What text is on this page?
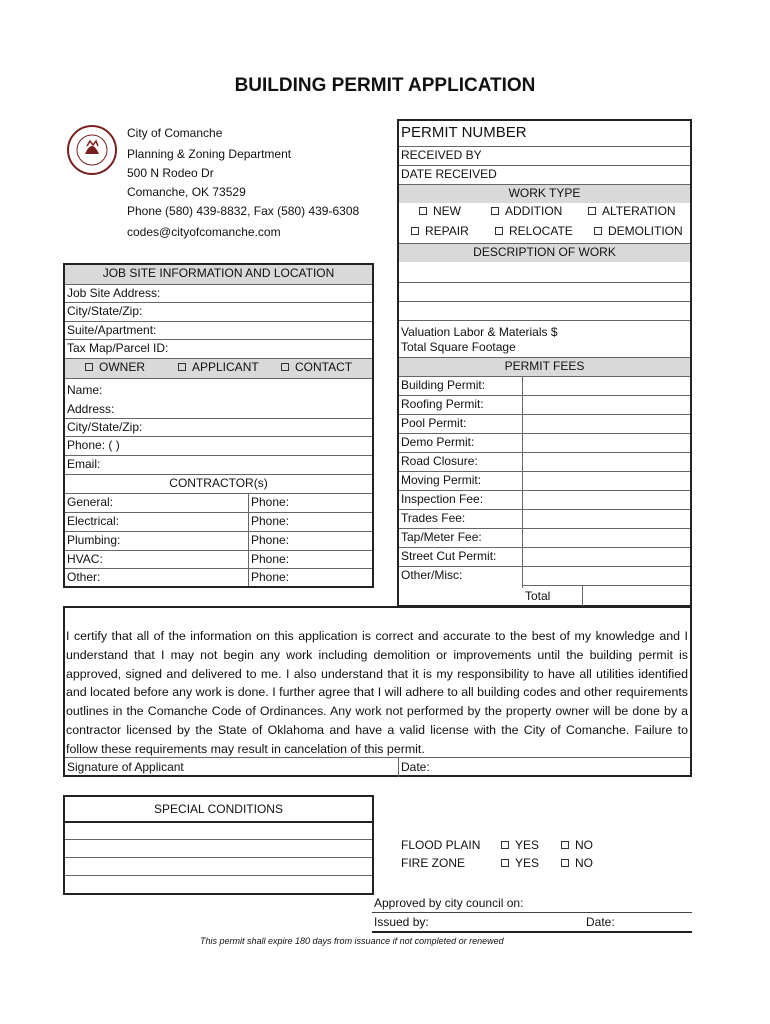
BUILDING PERMIT APPLICATION
City of Comanche
Planning & Zoning Department
500 N Rodeo Dr
Comanche, OK 73529
Phone (580) 439-8832, Fax (580) 439-6308
codes@cityofcomanche.com
PERMIT NUMBER
RECEIVED BY
DATE RECEIVED
WORK TYPE
NEW	ADDITION	ALTERATION
REPAIR	RELOCATE	DEMOLITION
DESCRIPTION OF WORK
Valuation Labor & Materials $
Total Square Footage
PERMIT FEES
Building Permit:
Roofing Permit:
Pool Permit:
Demo Permit:
Road Closure:
Moving Permit:
Inspection Fee:
Trades Fee:
Tap/Meter Fee:
Street Cut Permit:
Other/Misc:
Total
JOB SITE INFORMATION AND LOCATION
Job Site Address:
City/State/Zip:
Suite/Apartment:
Tax Map/Parcel ID:
OWNER	APPLICANT	CONTACT
Name:
Address:
City/State/Zip:
Phone: ( )
Email:
CONTRACTOR(s)
General:	Phone:
Electrical:	Phone:
Plumbing:	Phone:
HVAC:	Phone:
Other:	Phone:
I certify that all of the information on this application is correct and accurate to the best of my knowledge and I understand that I may not begin any work including demolition or improvements until the building permit is approved, signed and delivered to me. I also understand that it is my responsibility to have all utilities identified and located before any work is done. I further agree that I will adhere to all building codes and other requirements outlines in the Comanche Code of Ordinances. Any work not performed by the property owner will be done by a contractor licensed by the State of Oklahoma and have a valid license with the City of Comanche. Failure to follow these requirements may result in cancelation of this permit.
Signature of Applicant	Date:
SPECIAL CONDITIONS
FLOOD PLAIN	YES	NO
FIRE ZONE	YES	NO
Approved by city council on:
Issued by:	Date:
This permit shall expire 180 days from issuance if not completed or renewed
